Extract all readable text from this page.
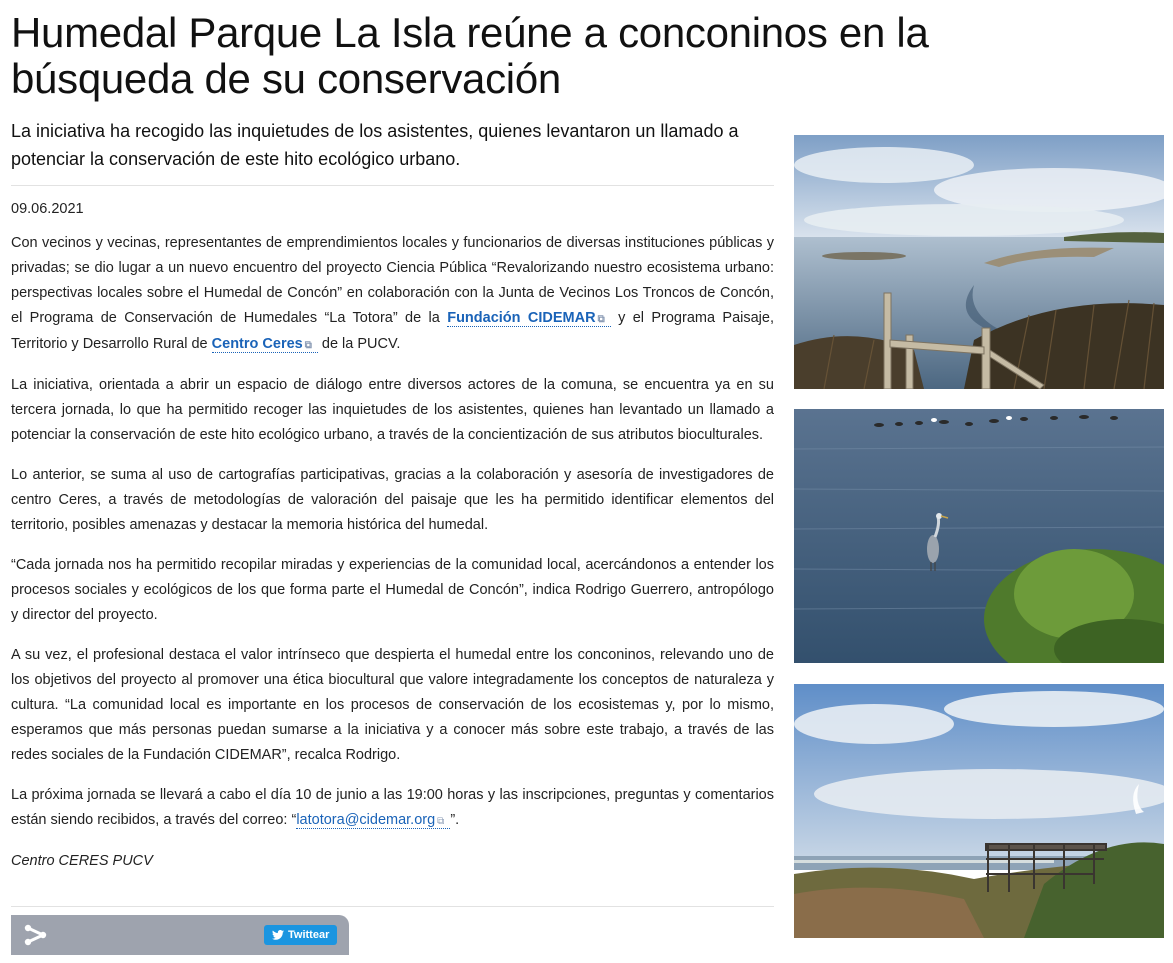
Humedal Parque La Isla reúne a conconinos en la búsqueda de su conservación

La iniciativa ha recogido las inquietudes de los asistentes, quienes levantaron un llamado a potenciar la conservación de este hito ecológico urbano.

09.06.2021

Con vecinos y vecinas, representantes de emprendimientos locales y funcionarios de diversas instituciones públicas y privadas; se dio lugar a un nuevo encuentro del proyecto Ciencia Pública “Revalorizando nuestro ecosistema urbano: perspectivas locales sobre el Humedal de Concón” en colaboración con la Junta de Vecinos Los Troncos de Concón, el Programa de Conservación de Humedales “La Totora” de la Fundación CIDEMAR ⧉ y el Programa Paisaje, Territorio y Desarrollo Rural de Centro Ceres ⧉ de la PUCV.

La iniciativa, orientada a abrir un espacio de diálogo entre diversos actores de la comuna, se encuentra ya en su tercera jornada, lo que ha permitido recoger las inquietudes de los asistentes, quienes han levantado un llamado a potenciar la conservación de este hito ecológico urbano, a través de la concientización de sus atributos bioculturales.

Lo anterior, se suma al uso de cartografías participativas, gracias a la colaboración y asesoría de investigadores de centro Ceres, a través de metodologías de valoración del paisaje que les ha permitido identificar elementos del territorio, posibles amenazas y destacar la memoria histórica del humedal.

“Cada jornada nos ha permitido recopilar miradas y experiencias de la comunidad local, acercándonos a entender los procesos sociales y ecológicos de los que forma parte el Humedal de Concón”, indica Rodrigo Guerrero, antropólogo y director del proyecto.

A su vez, el profesional destaca el valor intrínseco que despierta el humedal entre los conconinos, relevando uno de los objetivos del proyecto al promover una ética biocultural que valore integradamente los conceptos de naturaleza y cultura. “La comunidad local es importante en los procesos de conservación de los ecosistemas y, por lo mismo, esperamos que más personas puedan sumarse a la iniciativa y a conocer más sobre este trabajo, a través de las redes sociales de la Fundación CIDEMAR”, recalca Rodrigo.

La próxima jornada se llevará a cabo el día 10 de junio a las 19:00 horas y las inscripciones, preguntas y comentarios están siendo recibidos, a través del correo: “latotora@cidemar.org ⧉ ”.

Centro CERES PUCV

Twittear
